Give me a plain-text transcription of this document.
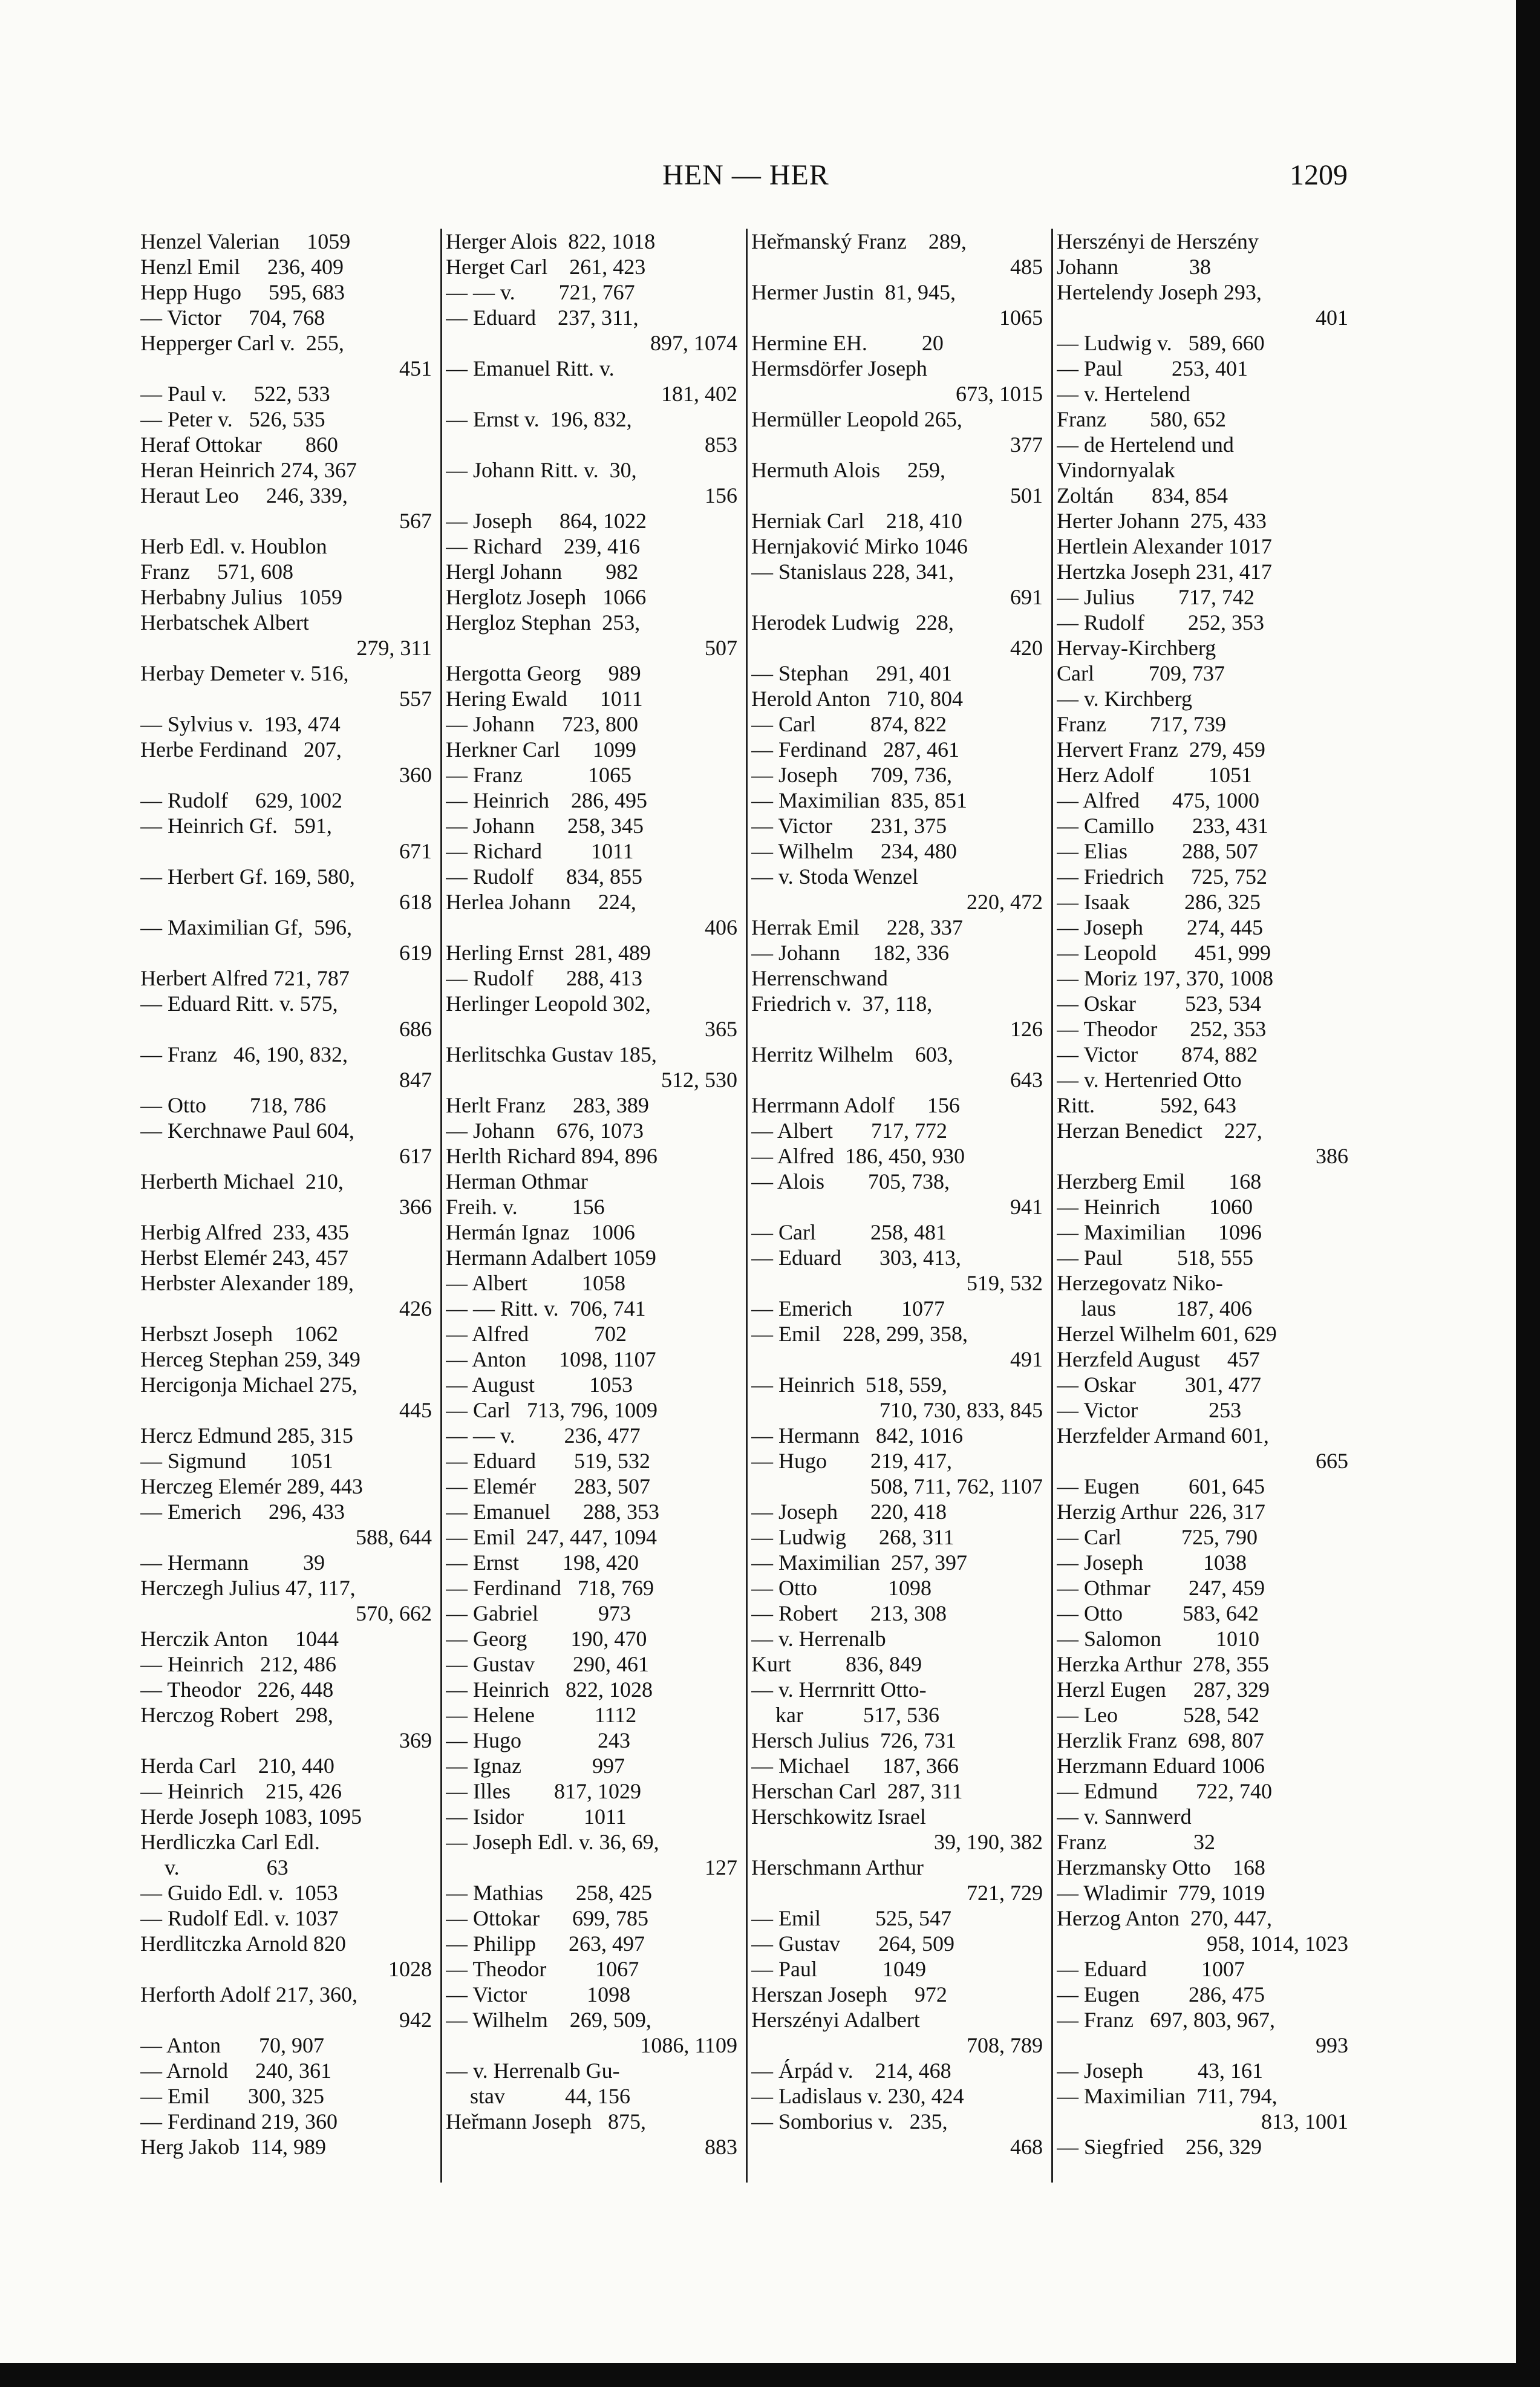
HEN — HER	1209
Henzel Valerian     1059
Henzl Emil     236, 409
Hepp Hugo     595, 683
— Victor     704, 768
Hepperger Carl v.  255,
451
— Paul v.     522, 533
— Peter v.   526, 535
Heraf Ottokar        860
Heran Heinrich 274, 367
Heraut Leo     246, 339,
567
Herb Edl. v. Houblon
Franz     571, 608
Herbabny Julius   1059
Herbatschek Albert
279, 311
Herbay Demeter v. 516,
557
— Sylvius v.  193, 474
Herbe Ferdinand   207,
360
— Rudolf     629, 1002
— Heinrich Gf.   591,
671
— Herbert Gf. 169, 580,
618
— Maximilian Gf,  596,
619
Herbert Alfred 721, 787
— Eduard Ritt. v. 575,
686
— Franz   46, 190, 832,
847
— Otto        718, 786
— Kerchnawe Paul 604,
617
Herberth Michael  210,
366
Herbig Alfred  233, 435
Herbst Elemér 243, 457
Herbster Alexander 189,
426
Herbszt Joseph    1062
Herceg Stephan 259, 349
Hercigonja Michael 275,
445
Hercz Edmund 285, 315
— Sigmund        1051
Herczeg Elemér 289, 443
— Emerich     296, 433
588, 644
— Hermann          39
Herczegh Julius 47, 117,
570, 662
Herczik Anton     1044
— Heinrich   212, 486
— Theodor   226, 448
Herczog Robert   298,
369
Herda Carl    210, 440
— Heinrich    215, 426
Herde Joseph 1083, 1095
Herdliczka Carl Edl.
v.                63
— Guido Edl. v.  1053
— Rudolf Edl. v. 1037
Herdlitczka Arnold 820
1028
Herforth Adolf 217, 360,
942
— Anton       70, 907
— Arnold     240, 361
— Emil       300, 325
— Ferdinand 219, 360
Herg Jakob  114, 989
Herger Alois  822, 1018
Herget Carl    261, 423
— — v.        721, 767
— Eduard    237, 311,
897, 1074
— Emanuel Ritt. v.
181, 402
— Ernst v.  196, 832,
853
— Johann Ritt. v.  30,
156
— Joseph     864, 1022
— Richard    239, 416
Hergl Johann        982
Herglotz Joseph   1066
Hergloz Stephan  253,
507
Hergotta Georg     989
Hering Ewald      1011
— Johann     723, 800
Herkner Carl      1099
— Franz            1065
— Heinrich    286, 495
— Johann      258, 345
— Richard         1011
— Rudolf      834, 855
Herlea Johann     224,
406
Herling Ernst  281, 489
— Rudolf      288, 413
Herlinger Leopold 302,
365
Herlitschka Gustav 185,
512, 530
Herlt Franz     283, 389
— Johann    676, 1073
Herlth Richard 894, 896
Herman Othmar
Freih. v.          156
Hermán Ignaz    1006
Hermann Adalbert 1059
— Albert          1058
— — Ritt. v.  706, 741
— Alfred            702
— Anton      1098, 1107
— August          1053
— Carl   713, 796, 1009
— — v.         236, 477
— Eduard       519, 532
— Elemér       283, 507
— Emanuel      288, 353
— Emil  247, 447, 1094
— Ernst        198, 420
— Ferdinand   718, 769
— Gabriel           973
— Georg        190, 470
— Gustav       290, 461
— Heinrich   822, 1028
— Helene           1112
— Hugo              243
— Ignaz             997
— Illes        817, 1029
— Isidor           1011
— Joseph Edl. v. 36, 69,
127
— Mathias      258, 425
— Ottokar      699, 785
— Philipp      263, 497
— Theodor         1067
— Victor           1098
— Wilhelm    269, 509,
1086, 1109
— v. Herrenalb Gu-
stav           44, 156
Heřmann Joseph   875,
883
Heřmanský Franz    289,
485
Hermer Justin  81, 945,
1065
Hermine EH.          20
Hermsdörfer Joseph
673, 1015
Hermüller Leopold 265,
377
Hermuth Alois     259,
501
Herniak Carl    218, 410
Hernjaković Mirko 1046
— Stanislaus 228, 341,
691
Herodek Ludwig   228,
420
— Stephan     291, 401
Herold Anton   710, 804
— Carl          874, 822
— Ferdinand   287, 461
— Joseph      709, 736,
— Maximilian  835, 851
— Victor       231, 375
— Wilhelm     234, 480
— v. Stoda Wenzel
220, 472
Herrak Emil     228, 337
— Johann      182, 336
Herrenschwand
Friedrich v.  37, 118,
126
Herritz Wilhelm    603,
643
Herrmann Adolf      156
— Albert       717, 772
— Alfred  186, 450, 930
— Alois        705, 738,
941
— Carl          258, 481
— Eduard       303, 413,
519, 532
— Emerich         1077
— Emil    228, 299, 358,
491
— Heinrich  518, 559,
710, 730, 833, 845
— Hermann   842, 1016
— Hugo        219, 417,
508, 711, 762, 1107
— Joseph      220, 418
— Ludwig      268, 311
— Maximilian  257, 397
— Otto             1098
— Robert      213, 308
— v. Herrenalb
Kurt          836, 849
— v. Herrnritt Otto-
kar           517, 536
Hersch Julius  726, 731
— Michael      187, 366
Herschan Carl  287, 311
Herschkowitz Israel
39, 190, 382
Herschmann Arthur
721, 729
— Emil          525, 547
— Gustav       264, 509
— Paul            1049
Herszan Joseph     972
Herszényi Adalbert
708, 789
— Árpád v.    214, 468
— Ladislaus v. 230, 424
— Somborius v.   235,
468
Herszényi de Herszény
Johann             38
Hertelendy Joseph 293,
401
— Ludwig v.   589, 660
— Paul         253, 401
— v. Hertelend
Franz        580, 652
— de Hertelend und
Vindornyalak
Zoltán       834, 854
Herter Johann  275, 433
Hertlein Alexander 1017
Hertzka Joseph 231, 417
— Julius        717, 742
— Rudolf        252, 353
Hervay-Kirchberg
Carl          709, 737
— v. Kirchberg
Franz        717, 739
Hervert Franz  279, 459
Herz Adolf          1051
— Alfred      475, 1000
— Camillo       233, 431
— Elias          288, 507
— Friedrich     725, 752
— Isaak          286, 325
— Joseph        274, 445
— Leopold       451, 999
— Moriz 197, 370, 1008
— Oskar         523, 534
— Theodor      252, 353
— Victor        874, 882
— v. Hertenried Otto
Ritt.            592, 643
Herzan Benedict    227,
386
Herzberg Emil        168
— Heinrich         1060
— Maximilian      1096
— Paul          518, 555
Herzegovatz Niko-
laus           187, 406
Herzel Wilhelm 601, 629
Herzfeld August     457
— Oskar         301, 477
— Victor             253
Herzfelder Armand 601,
665
— Eugen         601, 645
Herzig Arthur  226, 317
— Carl           725, 790
— Joseph           1038
— Othmar       247, 459
— Otto           583, 642
— Salomon          1010
Herzka Arthur  278, 355
Herzl Eugen     287, 329
— Leo            528, 542
Herzlik Franz  698, 807
Herzmann Eduard 1006
— Edmund       722, 740
— v. Sannwerd
Franz                32
Herzmansky Otto    168
— Wladimir  779, 1019
Herzog Anton  270, 447,
958, 1014, 1023
— Eduard          1007
— Eugen         286, 475
— Franz   697, 803, 967,
993
— Joseph          43, 161
— Maximilian  711, 794,
813, 1001
— Siegfried    256, 329
